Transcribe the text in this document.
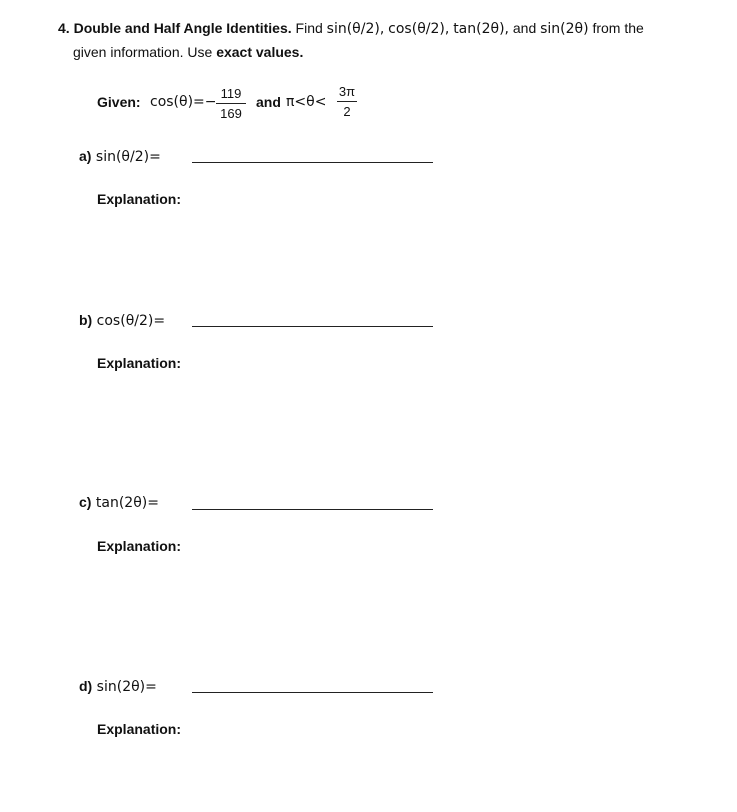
4. Double and Half Angle Identities. Find sin(θ/2), cos(θ/2), tan(2θ), and sin(2θ) from the
given information. Use exact values.
Given: cos(θ)=−
119
169
and π<θ<
3π
2
a) sin(θ/2)=
Explanation:
b) cos(θ/2)=
Explanation:
c) tan(2θ)=
Explanation:
d) sin(2θ)=
Explanation:
